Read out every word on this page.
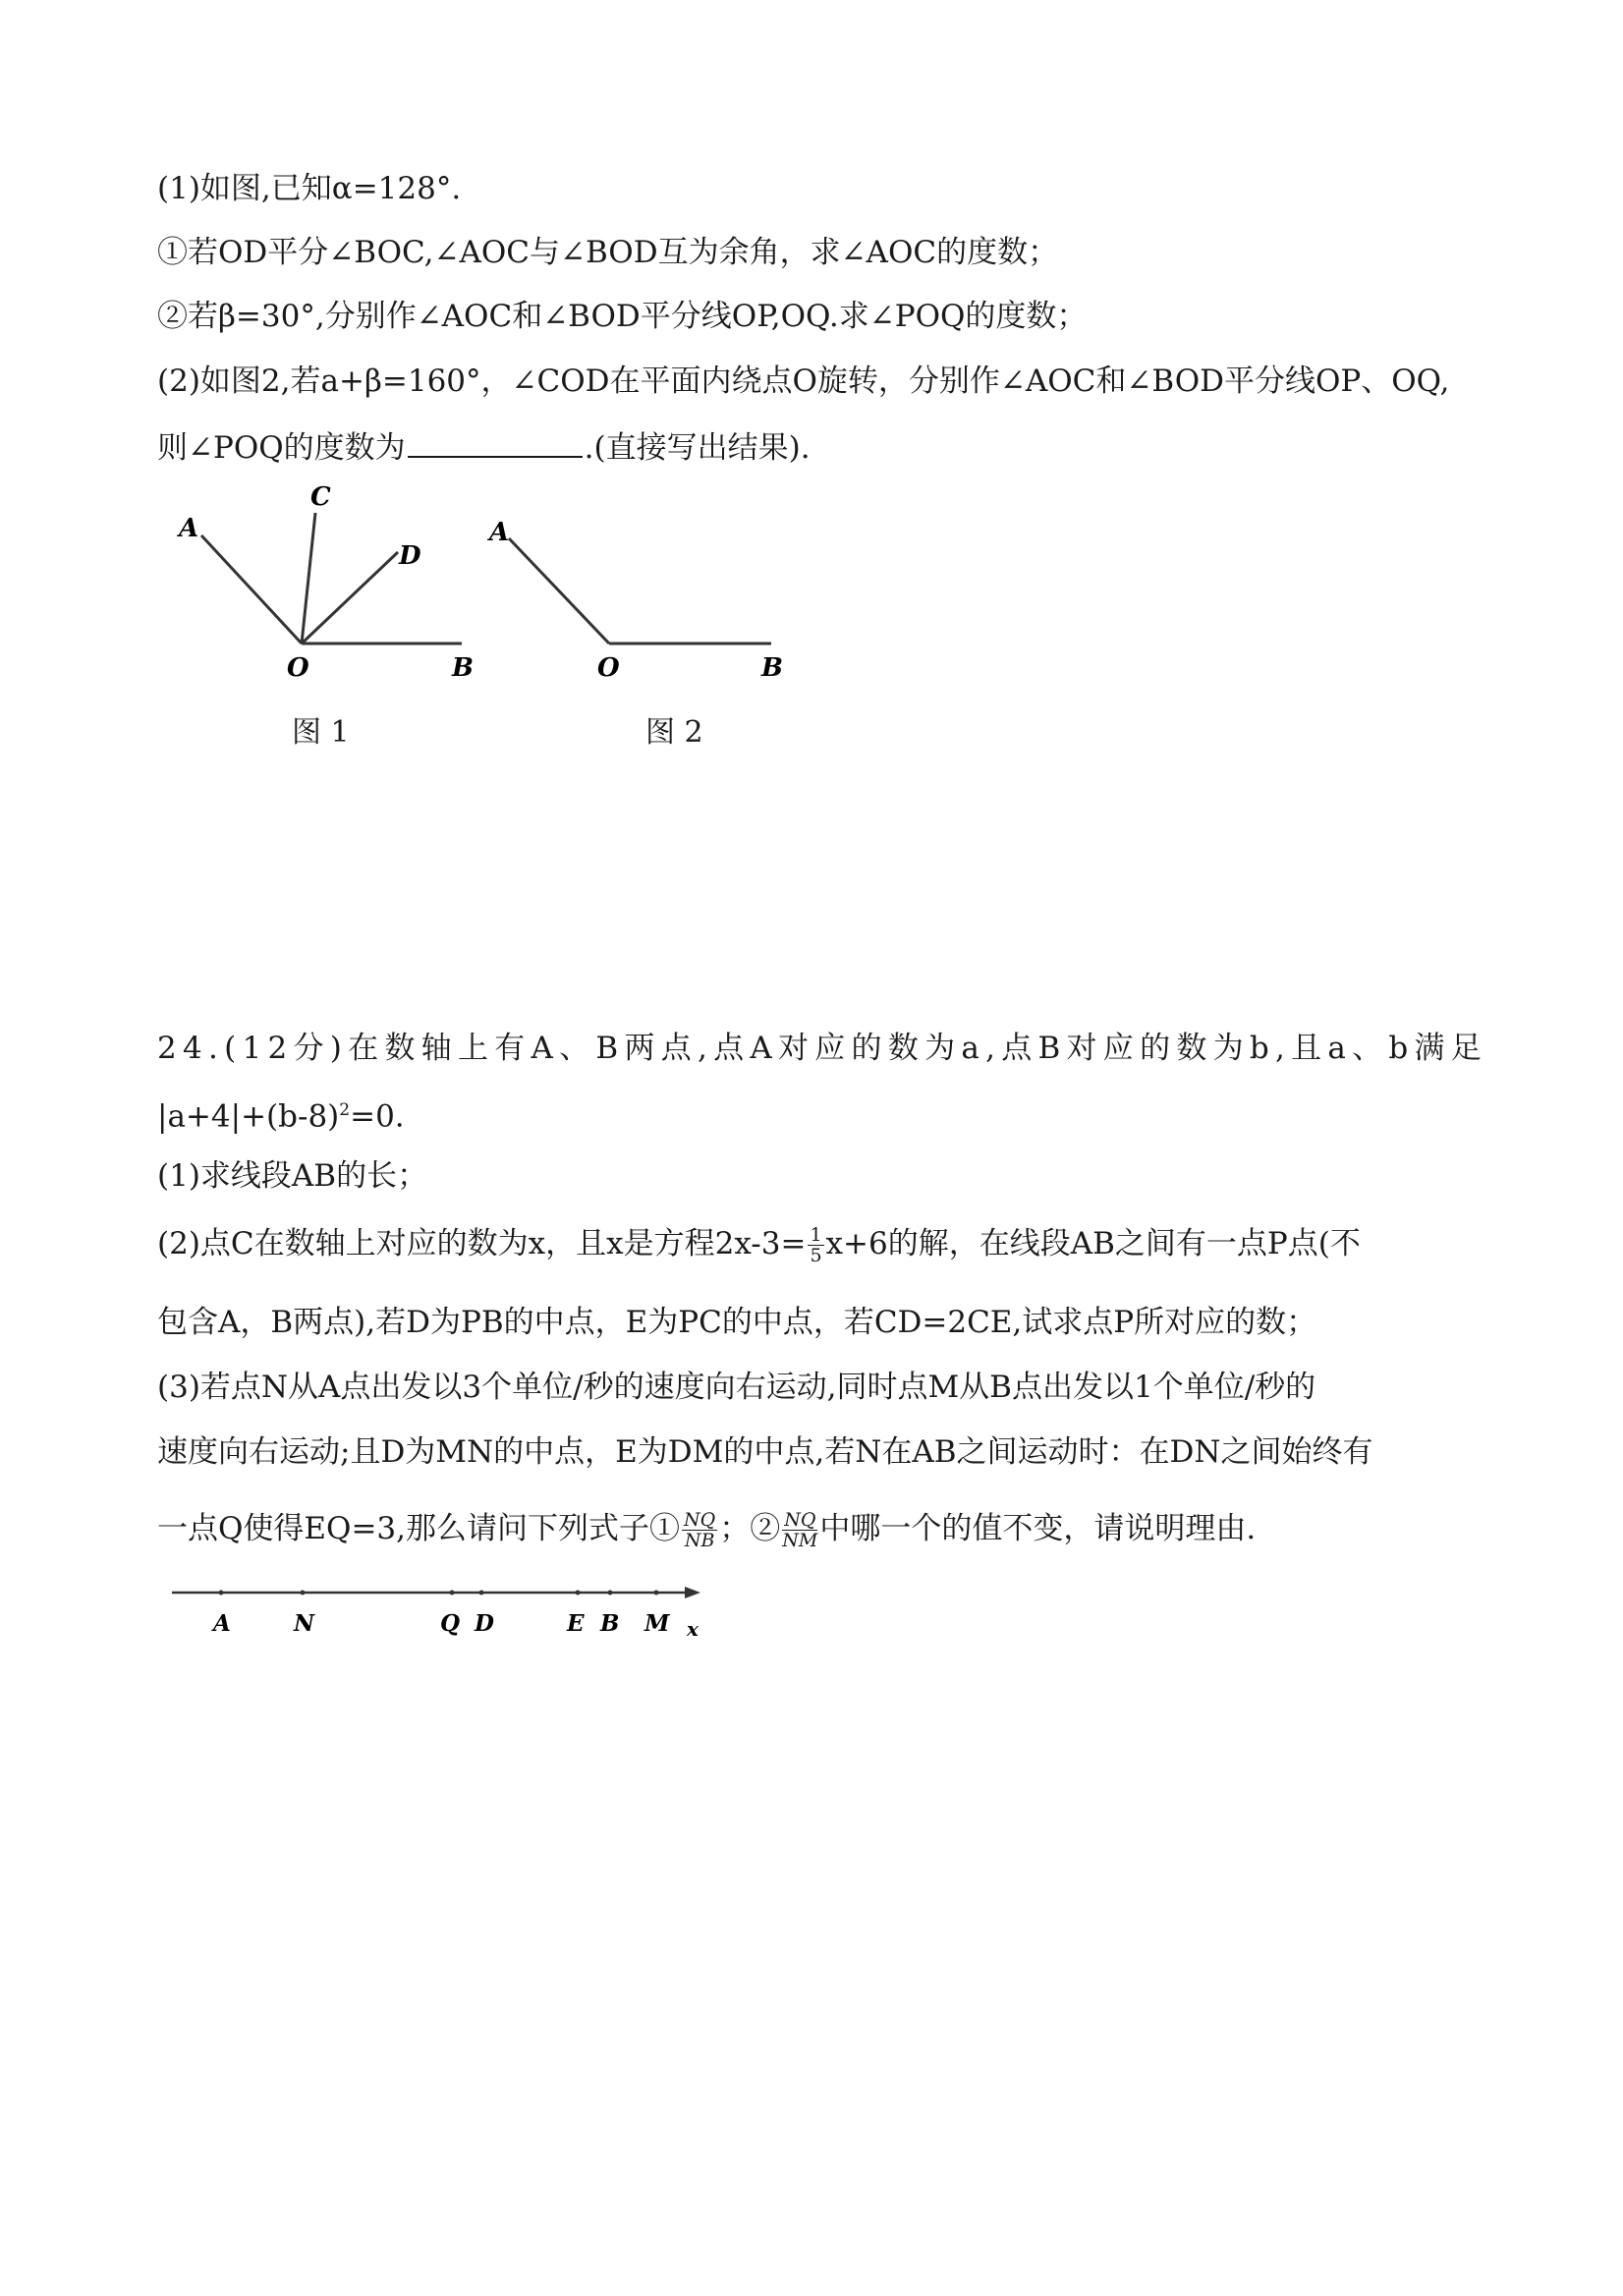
(1)如图,已知α=128°.
①若OD平分∠BOC,∠AOC与∠BOD互为余角，求∠AOC的度数；
②若β=30°,分别作∠AOC和∠BOD平分线OP,OQ.求∠POQ的度数；
(2)如图2,若a+β=160°，∠COD在平面内绕点O旋转，分别作∠AOC和∠BOD平分线OP、OQ,
则∠POQ的度数为	.(直接写出结果).
A
C
D
O	B
图 1
A
O	B
图 2
2 4 . ( 1 2 分 ) 在 数 轴 上 有 A 、 B 两 点 , 点 A 对 应 的 数 为 a , 点 B 对 应 的 数 为 b , 且 a 、 b 满 足
$|a+4|+(b-8)^2=0$.
(1)求线段AB的长；
(2)点C在数轴上对应的数为x，且x是方程$2x-3= \frac{1}{5} x+6$的解，在线段AB之间有一点P点(不
包含A，B两点),若D为PB的中点，E为PC的中点，若CD=2CE,试求点P所对应的数；
(3)若点N从A点出发以3个单位/秒的速度向右运动,同时点M从B点出发以1个单位/秒的
速度向右运动;且D为MN的中点，E为DM的中点,若N在AB之间运动时：在DN之间始终有
一点Q使得EQ=3,那么请问下列式子① $\frac{NQ}{NB}$ ；② $\frac{NQ}{NM}$ 中哪一个的值不变，请说明理由.
A	N	Q D	E B M x
